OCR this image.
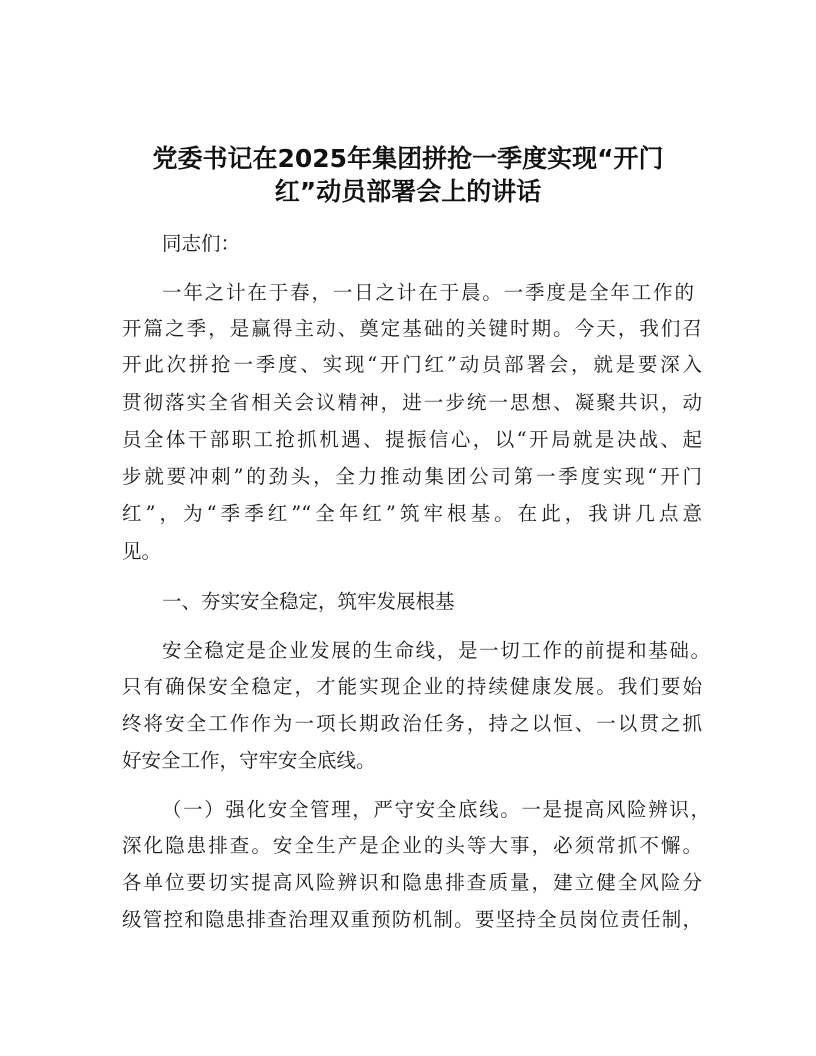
党委书记在2025年集团拼抢一季度实现“开门
红”动员部署会上的讲话

同志们：

一年之计在于春，一日之计在于晨。一季度是全年工作的

开篇之季，是赢得主动、奠定基础的关键时期。今天，我们召

开此次拼抢一季度、实现“开门红”动员部署会，就是要深入

贯彻落实全省相关会议精神，进一步统一思想、凝聚共识，动

员全体干部职工抢抓机遇、提振信心，以“开局就是决战、起

步就要冲刺”的劲头，全力推动集团公司第一季度实现“开门

红”，为“季季红”“全年红”筑牢根基。在此，我讲几点意

见。

一、夯实安全稳定，筑牢发展根基

安全稳定是企业发展的生命线，是一切工作的前提和基础。

只有确保安全稳定，才能实现企业的持续健康发展。我们要始

终将安全工作作为一项长期政治任务，持之以恒、一以贯之抓

好安全工作，守牢安全底线。

（一）强化安全管理，严守安全底线。一是提高风险辨识，

深化隐患排查。安全生产是企业的头等大事，必须常抓不懈。

各单位要切实提高风险辨识和隐患排查质量，建立健全风险分

级管控和隐患排查治理双重预防机制。要坚持全员岗位责任制，
